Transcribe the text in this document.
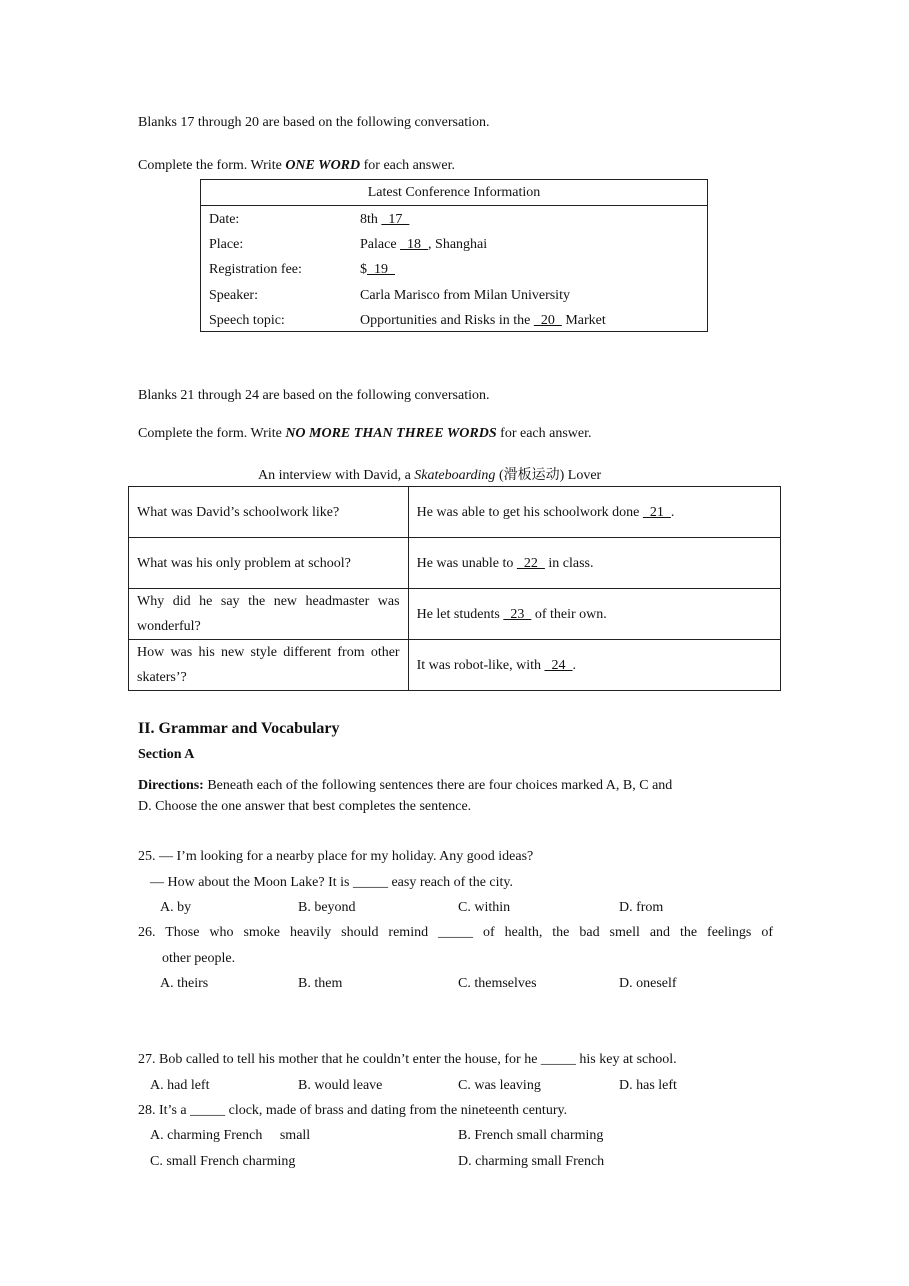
Blanks 17 through 20 are based on the following conversation.
Complete the form. Write ONE WORD for each answer.
Latest Conference Information
Date:	8th   17
Place:	Palace   18  , Shanghai
Registration fee:	$  19
Speaker:	Carla Marisco from Milan University
Speech topic:	Opportunities and Risks in the   20   Market
Blanks 21 through 24 are based on the following conversation.
Complete the form. Write NO MORE THAN THREE WORDS for each answer.
An interview with David, a Skateboarding (滑板运动) Lover
What was David’s schoolwork like?	He was able to get his schoolwork done   21  .
What was his only problem at school?	He was unable to   22   in class.
Why did he say the new headmaster was wonderful?	He let students   23   of their own.
How was his new style different from other skaters’?	It was robot-like, with   24  .
II. Grammar and Vocabulary
Section A
Directions: Beneath each of the following sentences there are four choices marked A, B, C and
D. Choose the one answer that best completes the sentence.
25. — I’m looking for a nearby place for my holiday. Any good ideas?
— How about the Moon Lake? It is _____ easy reach of the city.
A. by	B. beyond	C. within	D. from
26. Those who smoke heavily should remind _____ of health, the bad smell and the feelings of
other people.
A. theirs	B. them	C. themselves	D. oneself
27. Bob called to tell his mother that he couldn’t enter the house, for he _____ his key at school.
A. had left	B. would leave	C. was leaving	D. has left
28. It’s a _____ clock, made of brass and dating from the nineteenth century.
A. charming French     small	B. French small charming
C. small French charming	D. charming small French
